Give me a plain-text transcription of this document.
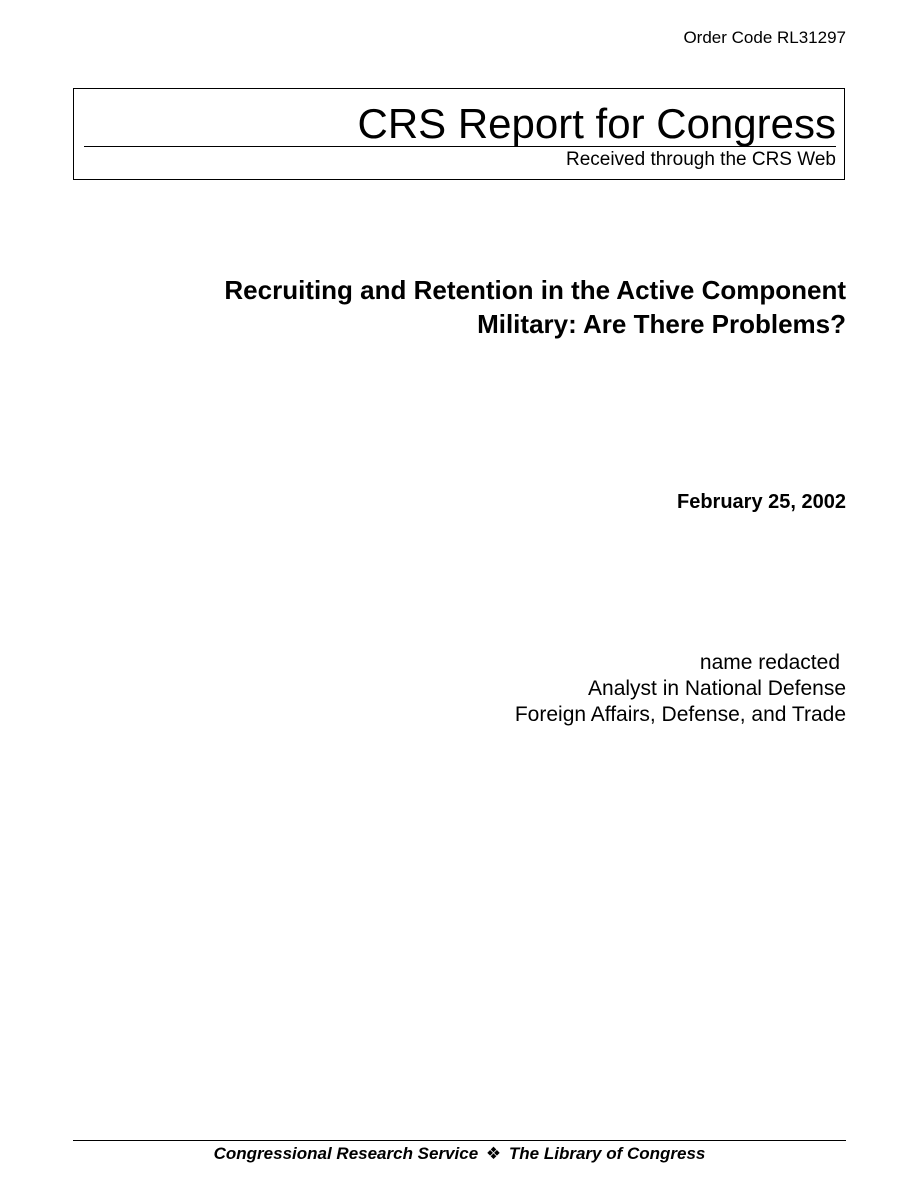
Order Code RL31297
CRS Report for Congress
Received through the CRS Web
Recruiting and Retention in the Active Component
Military: Are There Problems?
February 25, 2002
name redacted
Analyst in National Defense
Foreign Affairs, Defense, and Trade
Congressional Research Service ❖ The Library of Congress
